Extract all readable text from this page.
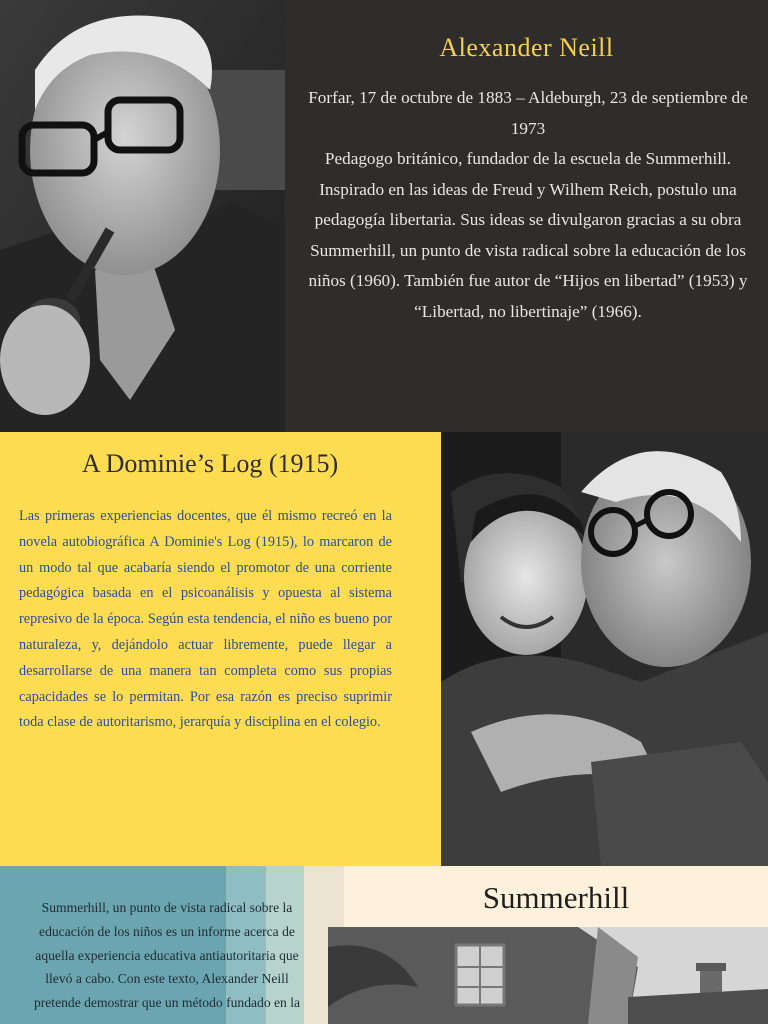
Alexander Neill
Forfar, 17 de octubre de 1883 – Aldeburgh, 23 de septiembre de 1973
Pedagogo británico, fundador de la escuela de Summerhill. Inspirado en las ideas de Freud y Wilhem Reich, postulo una pedagogía libertaria. Sus ideas se divulgaron gracias a su obra Summerhill, un punto de vista radical sobre la educación de los niños (1960). También fue autor de “Hijos en libertad” (1953) y “Libertad, no libertinaje” (1966).
A Dominie’s Log (1915)
Las primeras experiencias docentes, que él mismo recreó en la novela autobiográfica A Dominie's Log (1915), lo marcaron de un modo tal que acabaría siendo el promotor de una corriente pedagógica basada en el psicoanálisis y opuesta al sistema represivo de la época. Según esta tendencia, el niño es bueno por naturaleza, y, dejándolo actuar libremente, puede llegar a desarrollarse de una manera tan completa como sus propias capacidades se lo permitan. Por esa razón es preciso suprimir toda clase de autoritarismo, jerarquía y disciplina en el colegio.
Summerhill, un punto de vista radical sobre la educación de los niños es un informe acerca de aquella experiencia educativa antiautoritaria que llevó a cabo. Con este texto, Alexander Neill pretende demostrar que un método fundado en la
Summerhill
